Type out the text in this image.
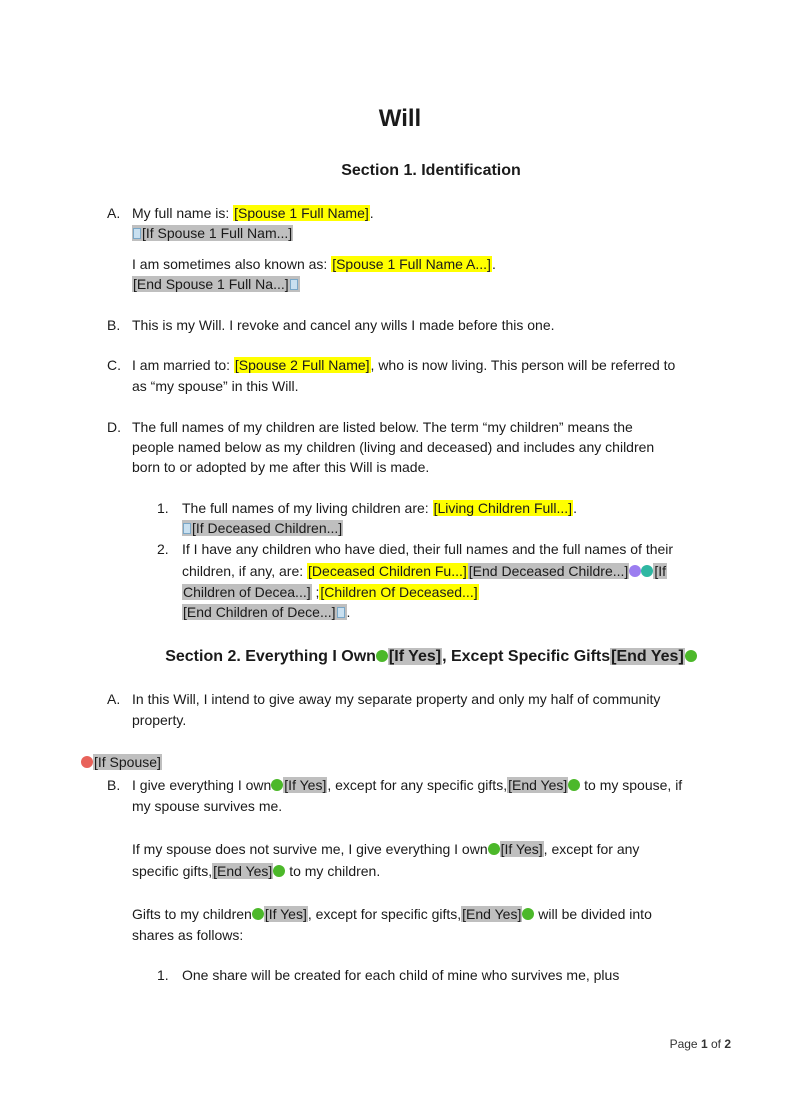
Will
Section 1. Identification
A. My full name is: [Spouse 1 Full Name].
[If Spouse 1 Full Nam...]
I am sometimes also known as: [Spouse 1 Full Name A...].
[End Spouse 1 Full Na...]
B. This is my Will. I revoke and cancel any wills I made before this one.
C. I am married to: [Spouse 2 Full Name], who is now living. This person will be referred to
as “my spouse” in this Will.
D. The full names of my children are listed below. The term “my children” means the
people named below as my children (living and deceased) and includes any children
born to or adopted by me after this Will is made.
1. The full names of my living children are: [Living Children Full...].
[If Deceased Children...]
2. If I have any children who have died, their full names and the full names of their
children, if any, are: [Deceased Children Fu...] [End Deceased Childre...] [If
Children of Decea...] ;[Children Of Deceased...]
[End Children of Dece...] .
Section 2. Everything I Own [If Yes], Except Specific Gifts[End Yes]
A. In this Will, I intend to give away my separate property and only my half of community
property.
[If Spouse]
B. I give everything I own [If Yes], except for any specific gifts,[End Yes] to my spouse, if
my spouse survives me.
If my spouse does not survive me, I give everything I own [If Yes], except for any
specific gifts,[End Yes] to my children.
Gifts to my children [If Yes], except for specific gifts,[End Yes] will be divided into
shares as follows:
1. One share will be created for each child of mine who survives me, plus
Page 1 of 2
